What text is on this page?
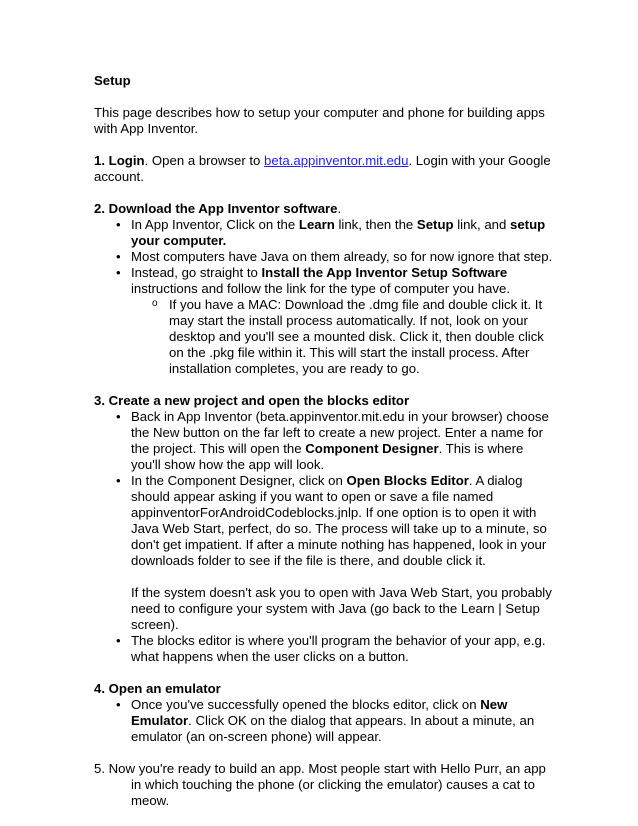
Setup

This page describes how to setup your computer and phone for building apps with App Inventor.

1. Login. Open a browser to beta.appinventor.mit.edu. Login with your Google account.

2. Download the App Inventor software.

• In App Inventor, Click on the Learn link, then the Setup link, and setup your computer.
• Most computers have Java on them already, so for now ignore that step.
• Instead, go straight to Install the App Inventor Setup Software instructions and follow the link for the type of computer you have.
o If you have a MAC: Download the .dmg file and double click it. It may start the install process automatically. If not, look on your desktop and you'll see a mounted disk. Click it, then double click on the .pkg file within it. This will start the install process. After installation completes, you are ready to go.

3. Create a new project and open the blocks editor

• Back in App Inventor (beta.appinventor.mit.edu in your browser) choose the New button on the far left to create a new project. Enter a name for the project. This will open the Component Designer. This is where you'll show how the app will look.
• In the Component Designer, click on Open Blocks Editor. A dialog should appear asking if you want to open or save a file named appinventorForAndroidCodeblocks.jnlp. If one option is to open it with Java Web Start, perfect, do so. The process will take up to a minute, so don't get impatient. If after a minute nothing has happened, look in your downloads folder to see if the file is there, and double click it.

If the system doesn't ask you to open with Java Web Start, you probably need to configure your system with Java (go back to the Learn | Setup screen).

• The blocks editor is where you'll program the behavior of your app, e.g. what happens when the user clicks on a button.

4. Open an emulator

• Once you've successfully opened the blocks editor, click on New Emulator. Click OK on the dialog that appears. In about a minute, an emulator (an on-screen phone) will appear.

5. Now you're ready to build an app. Most people start with Hello Purr, an app in which touching the phone (or clicking the emulator) causes a cat to meow.
